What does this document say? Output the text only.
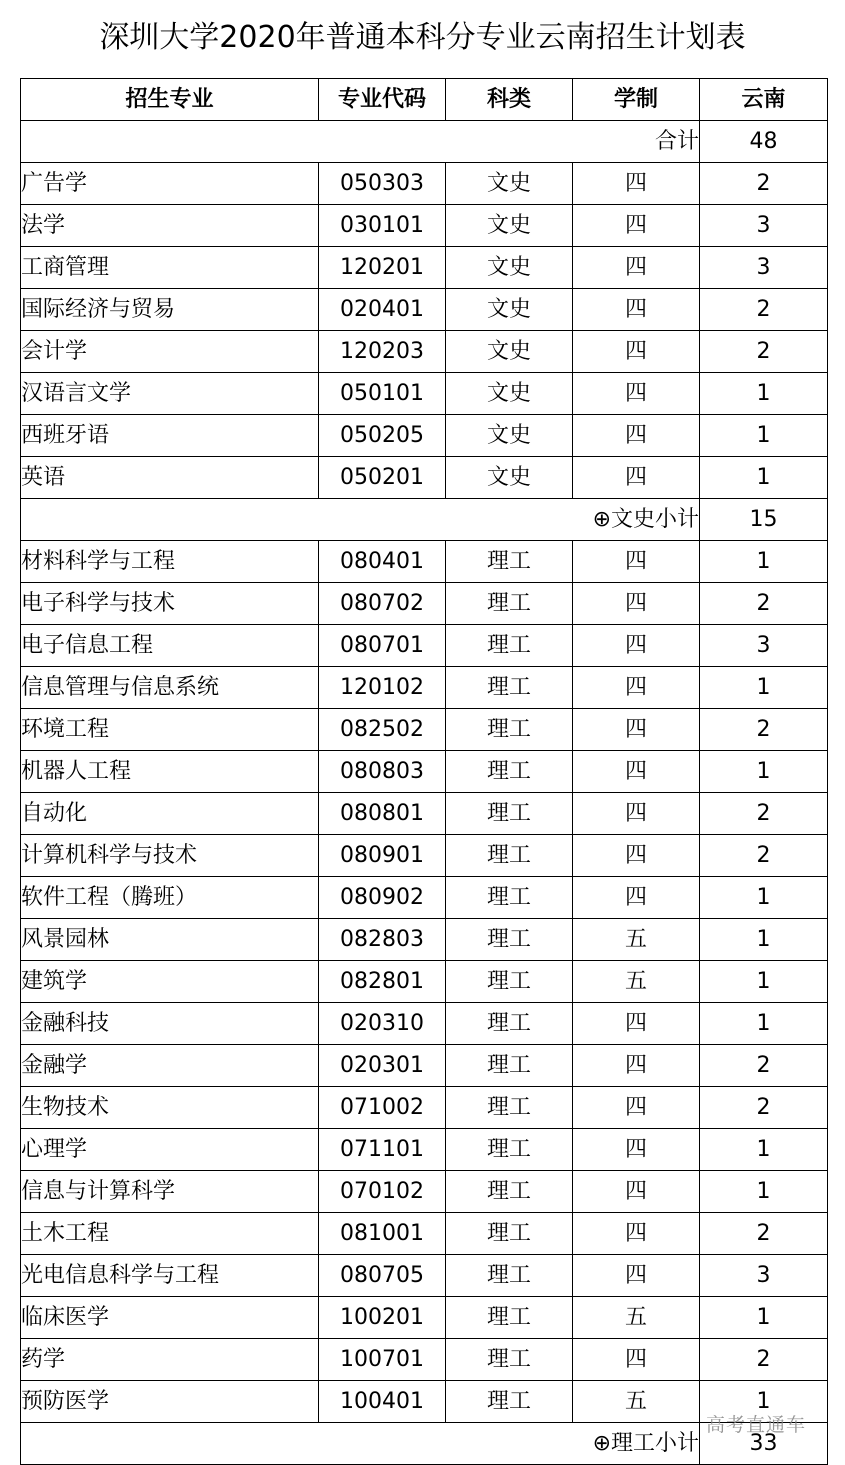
深圳大学2020年普通本科分专业云南招生计划表
招生专业	专业代码	科类	学制	云南
合计				48
广告学	050303	文史	四	2
法学	030101	文史	四	3
工商管理	120201	文史	四	3
国际经济与贸易	020401	文史	四	2
会计学	120203	文史	四	2
汉语言文学	050101	文史	四	1
西班牙语	050205	文史	四	1
英语	050201	文史	四	1
⊕文史小计				15
材料科学与工程	080401	理工	四	1
电子科学与技术	080702	理工	四	2
电子信息工程	080701	理工	四	3
信息管理与信息系统	120102	理工	四	1
环境工程	082502	理工	四	2
机器人工程	080803	理工	四	1
自动化	080801	理工	四	2
计算机科学与技术	080901	理工	四	2
软件工程（腾班）	080902	理工	四	1
风景园林	082803	理工	五	1
建筑学	082801	理工	五	1
金融科技	020310	理工	四	1
金融学	020301	理工	四	2
生物技术	071002	理工	四	2
心理学	071101	理工	四	1
信息与计算科学	070102	理工	四	1
土木工程	081001	理工	四	2
光电信息科学与工程	080705	理工	四	3
临床医学	100201	理工	五	1
药学	100701	理工	四	2
预防医学	100401	理工	五	1
⊕理工小计				33
高考直通车
